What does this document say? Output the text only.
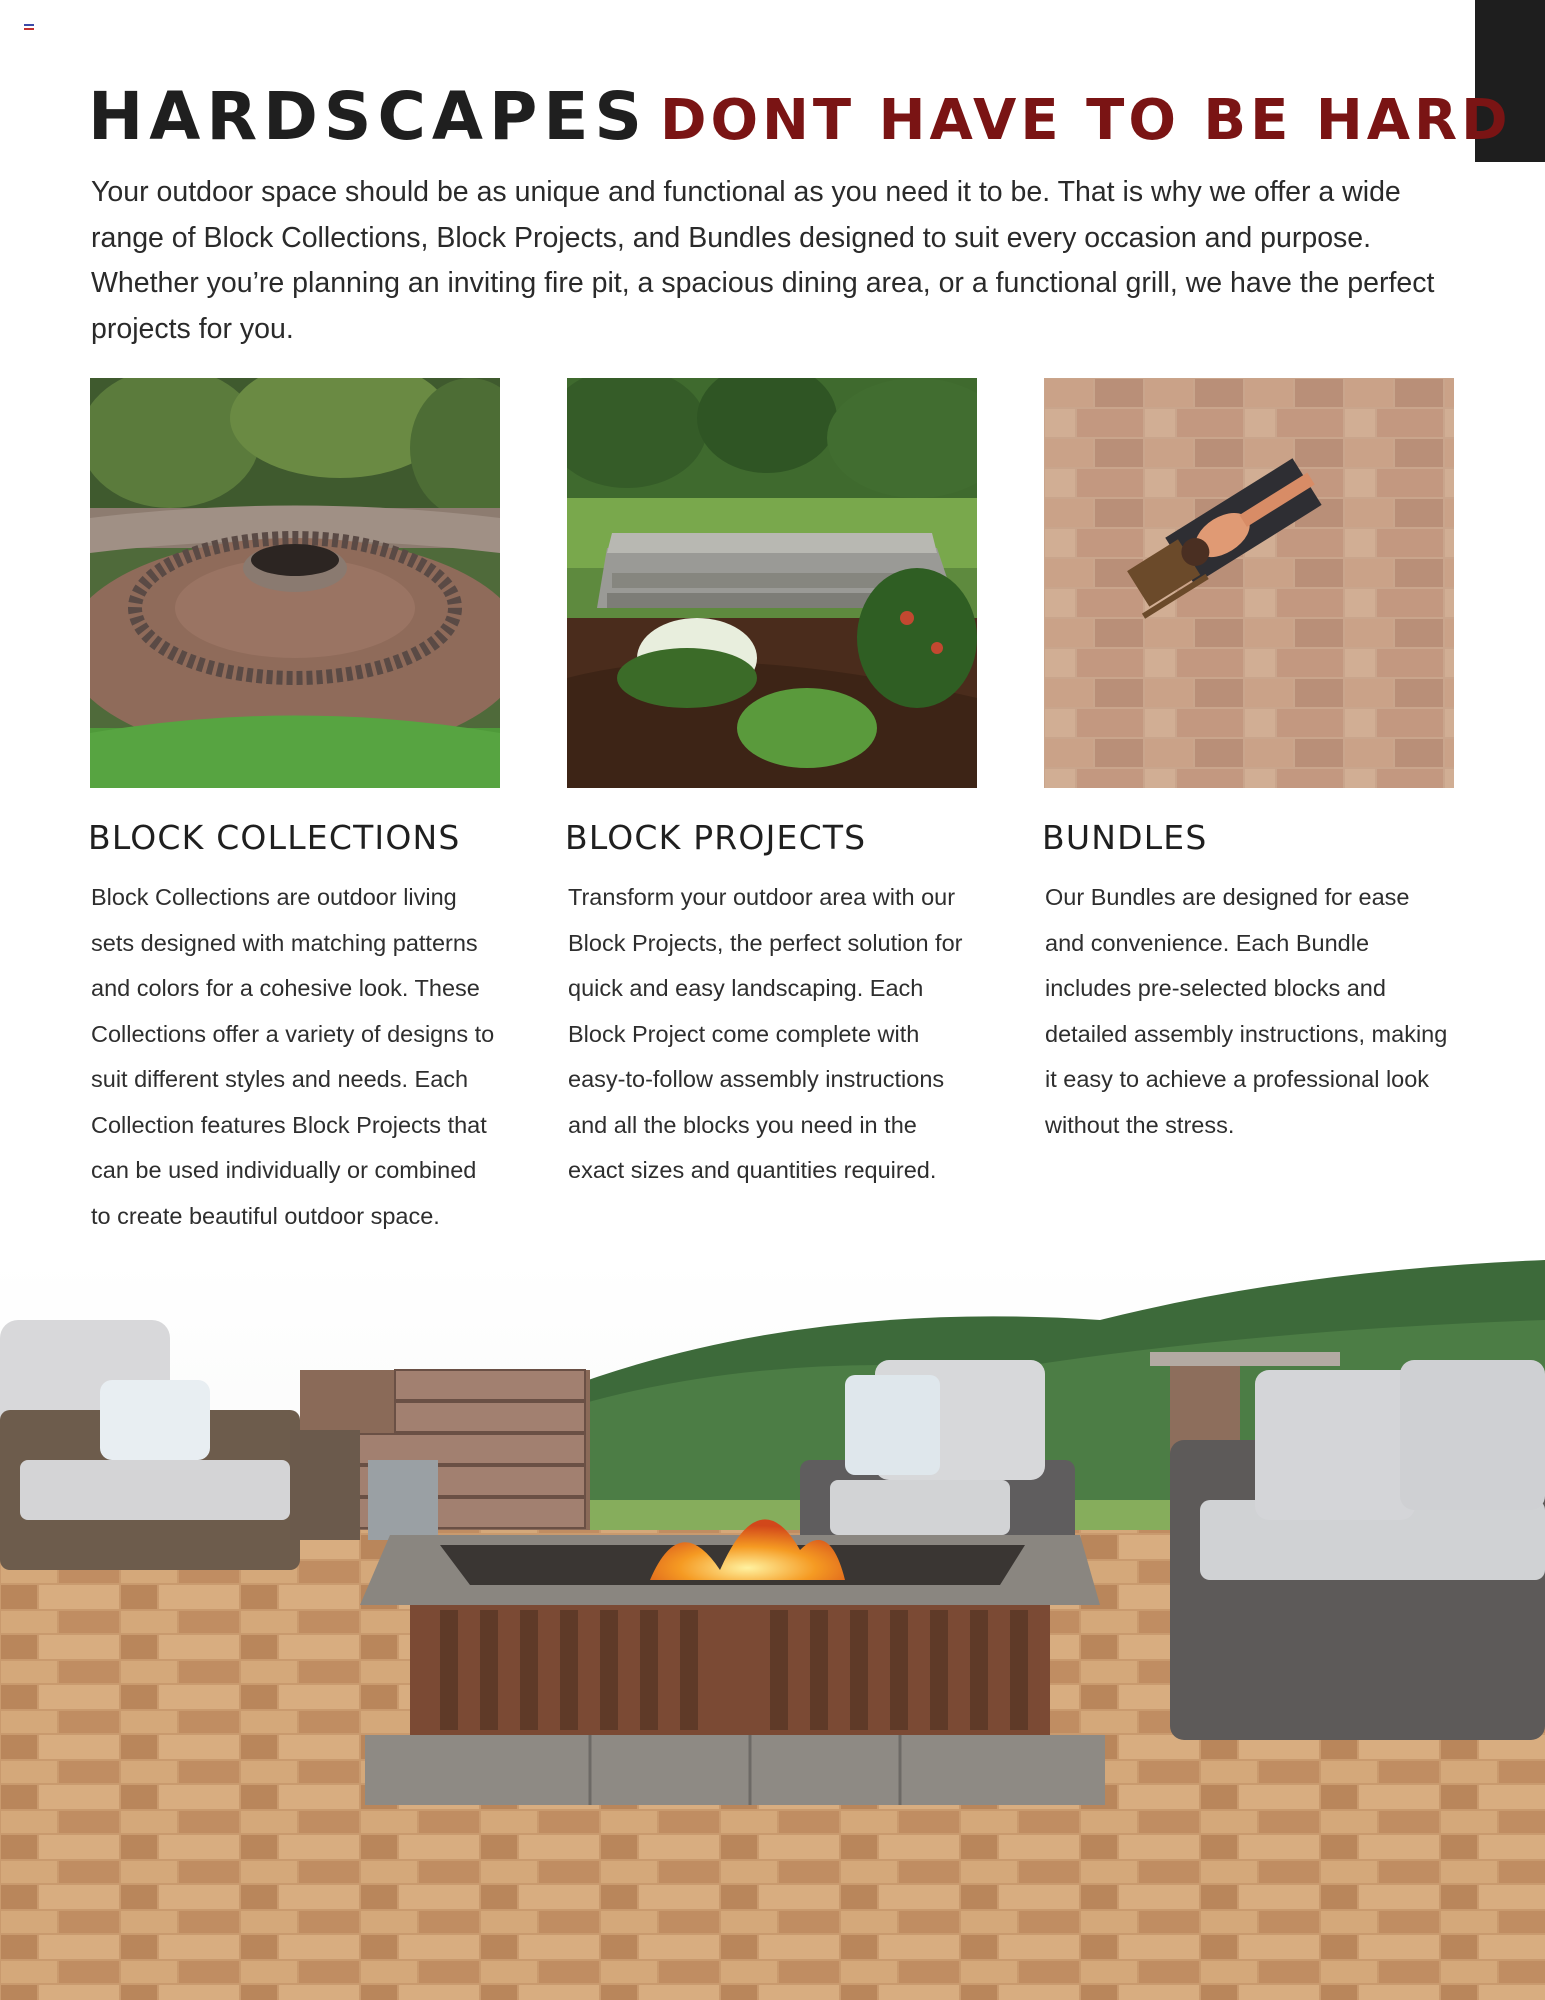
HARDSCAPES DONT HAVE TO BE HARD

Your outdoor space should be as unique and functional as you need it to be. That is why we offer a wide range of Block Collections, Block Projects, and Bundles designed to suit every occasion and purpose. Whether you’re planning an inviting fire pit, a spacious dining area, or a functional grill, we have the perfect projects for you.

BLOCK COLLECTIONS

Block Collections are outdoor living sets designed with matching patterns and colors for a cohesive look. These Collections offer a variety of designs to suit different styles and needs. Each Collection features Block Projects that can be used individually or combined to create beautiful outdoor space.

BLOCK PROJECTS

Transform your outdoor area with our Block Projects, the perfect solution for quick and easy landscaping. Each Block Project come complete with easy-to-follow assembly instructions and all the blocks you need in the exact sizes and quantities required.

BUNDLES

Our Bundles are designed for ease and convenience. Each Bundle includes pre-selected blocks and detailed assembly instructions, making it easy to achieve a professional look without the stress.
